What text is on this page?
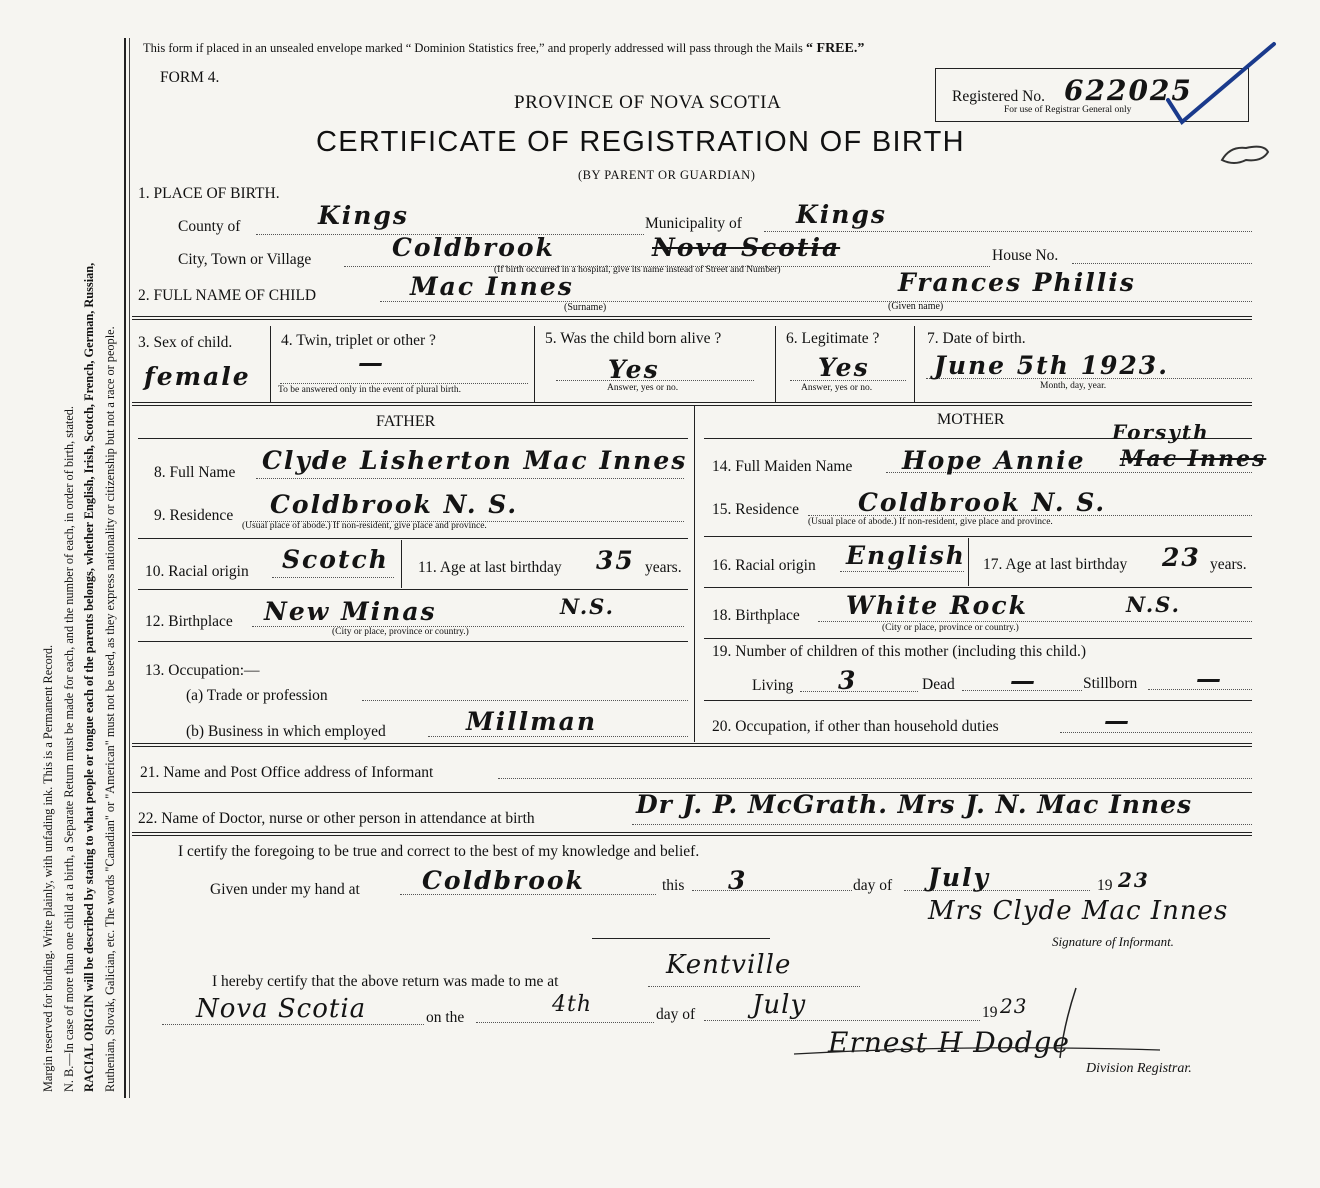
Margin reserved for binding. Write plainly, with unfading ink. This is a Permanent Record. N. B.—In case of more than one child at a birth, a Separate Return must be made for each, and the number of each, in order of birth, stated. RACIAL ORIGIN will be described by stating to what people or tongue each of the parents belongs, whether English, Irish, Scotch, French, German, Russian, Ruthenian, Slovak, Galician, etc. The words "Canadian" or "American" must not be used, as they express nationality or citizenship but not a race or people.
This form if placed in an unsealed envelope marked “ Dominion Statistics free,” and properly addressed will pass through the Mails “ FREE.”
FORM 4.
PROVINCE OF NOVA SCOTIA
CERTIFICATE OF REGISTRATION OF BIRTH
(BY PARENT OR GUARDIAN)
Registered No. 622025
For use of Registrar General only
1. PLACE OF BIRTH.
County of	Kings	Municipality of Kings
City, Town or Village	Coldbrook	Nova Scotia
(If birth occurred in a hospital, give its name instead of Street and Number)
House No.
2. FULL NAME OF CHILD	Mac Innes
(Surname)
Frances Phillis
(Given name)
3. Sex of child.
female
4. Twin, triplet or other ?
—
To be answered only in the event of plural birth.
5. Was the child born alive ?
Yes
Answer, yes or no.
6. Legitimate ?
Yes
Answer, yes or no.
7. Date of birth.
June 5th 1923.
Month, day, year.
FATHER	MOTHER
8. Full Name Clyde Lisherton Mac Innes
9. Residence Coldbrook N. S.
(Usual place of abode.) If non-resident, give place and province.
10. Racial origin Scotch 11. Age at last birthday 35 years.
12. Birthplace New Minas	N.S.
(City or place, province or country.)
13. Occupation:—
(a) Trade or profession
(b) Business in which employed	Millman
14. Full Maiden Name Hope Annie Mac Innes
Forsyth
15. Residence Coldbrook N. S.
(Usual place of abode.) If non-resident, give place and province.
16. Racial origin English 17. Age at last birthday 23 years.
18. Birthplace White Rock	N.S.
(City or place, province or country.)
19. Number of children of this mother (including this child.)
Living 3	Dead —	Stillborn —
20. Occupation, if other than household duties	—
21. Name and Post Office address of Informant
22. Name of Doctor, nurse or other person in attendance at birth	Dr J. P. McGrath. Mrs J. N. Mac Innes
I certify the foregoing to be true and correct to the best of my knowledge and belief.
Given under my hand at Coldbrook	this 3	day of July	19 23
Mrs Clyde Mac Innes
Signature of Informant.
I hereby certify that the above return was made to me at
Kentville
Nova Scotia	on the
4th	day of July	19 23
Ernest H Dodge
Division Registrar.
